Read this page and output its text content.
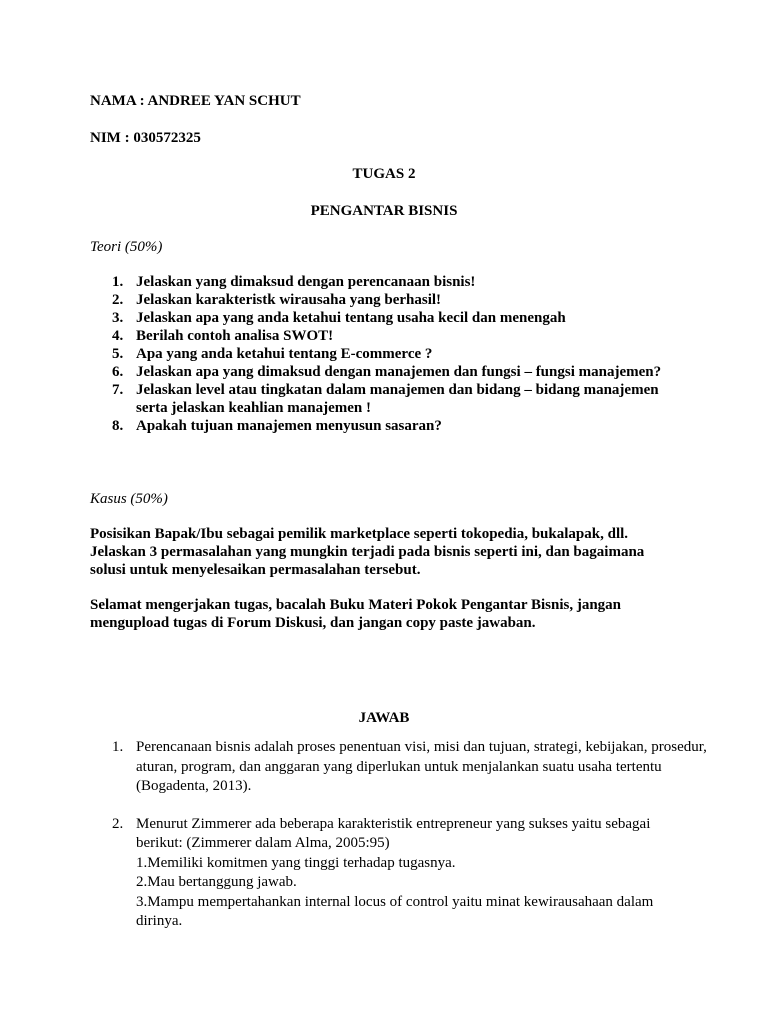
NAMA : ANDREE YAN SCHUT
NIM : 030572325
TUGAS 2
PENGANTAR BISNIS
Teori (50%)
1. Jelaskan yang dimaksud dengan perencanaan bisnis!
2. Jelaskan karakteristk wirausaha yang berhasil!
3. Jelaskan apa yang anda ketahui tentang usaha kecil dan menengah
4. Berilah contoh analisa SWOT!
5. Apa yang anda ketahui tentang E-commerce ?
6. Jelaskan apa yang dimaksud dengan manajemen dan fungsi – fungsi manajemen?
7. Jelaskan level atau tingkatan dalam manajemen dan bidang – bidang manajemen serta jelaskan keahlian manajemen !
8. Apakah tujuan manajemen menyusun sasaran?
Kasus (50%)
Posisikan Bapak/Ibu sebagai pemilik marketplace seperti tokopedia, bukalapak, dll. Jelaskan 3 permasalahan yang mungkin terjadi pada bisnis seperti ini, dan bagaimana solusi untuk menyelesaikan permasalahan tersebut.
Selamat mengerjakan tugas, bacalah Buku Materi Pokok Pengantar Bisnis, jangan mengupload tugas di Forum Diskusi, dan jangan copy paste jawaban.
JAWAB
1. Perencanaan bisnis adalah proses penentuan visi, misi dan tujuan, strategi, kebijakan, prosedur, aturan, program, dan anggaran yang diperlukan untuk menjalankan suatu usaha tertentu (Bogadenta, 2013).
2. Menurut Zimmerer ada beberapa karakteristik entrepreneur yang sukses yaitu sebagai berikut: (Zimmerer dalam Alma, 2005:95)
1.Memiliki komitmen yang tinggi terhadap tugasnya.
2.Mau bertanggung jawab.
3.Mampu mempertahankan internal locus of control yaitu minat kewirausahaan dalam dirinya.
